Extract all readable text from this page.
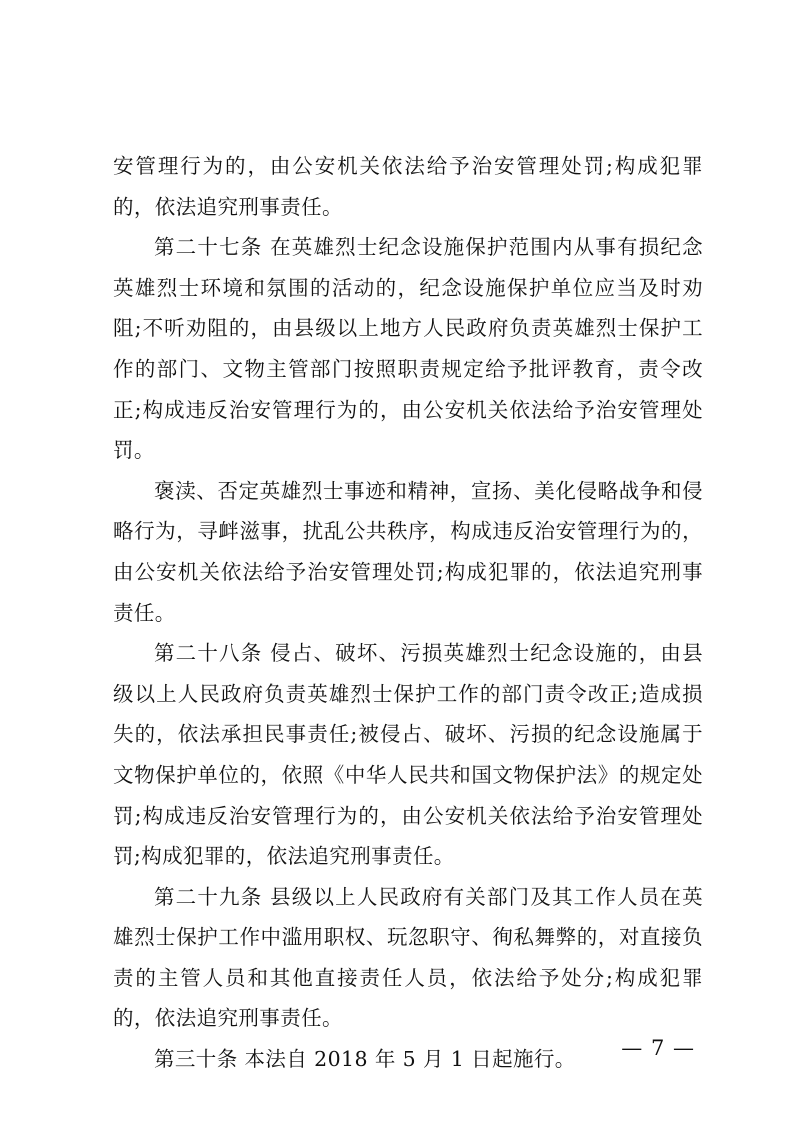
安管理行为的，由公安机关依法给予治安管理处罚;构成犯罪的，依法追究刑事责任。

第二十七条 在英雄烈士纪念设施保护范围内从事有损纪念英雄烈士环境和氛围的活动的，纪念设施保护单位应当及时劝阻;不听劝阻的，由县级以上地方人民政府负责英雄烈士保护工作的部门、文物主管部门按照职责规定给予批评教育，责令改正;构成违反治安管理行为的，由公安机关依法给予治安管理处罚。

褒渎、否定英雄烈士事迹和精神，宣扬、美化侵略战争和侵略行为，寻衅滋事，扰乱公共秩序，构成违反治安管理行为的，由公安机关依法给予治安管理处罚;构成犯罪的，依法追究刑事责任。

第二十八条 侵占、破坏、污损英雄烈士纪念设施的，由县级以上人民政府负责英雄烈士保护工作的部门责令改正;造成损失的，依法承担民事责任;被侵占、破坏、污损的纪念设施属于文物保护单位的，依照《中华人民共和国文物保护法》的规定处罚;构成违反治安管理行为的，由公安机关依法给予治安管理处罚;构成犯罪的，依法追究刑事责任。

第二十九条 县级以上人民政府有关部门及其工作人员在英雄烈士保护工作中滥用职权、玩忽职守、徇私舞弊的，对直接负责的主管人员和其他直接责任人员，依法给予处分;构成犯罪的，依法追究刑事责任。

第三十条 本法自 2018 年 5 月 1 日起施行。	— 7 —
